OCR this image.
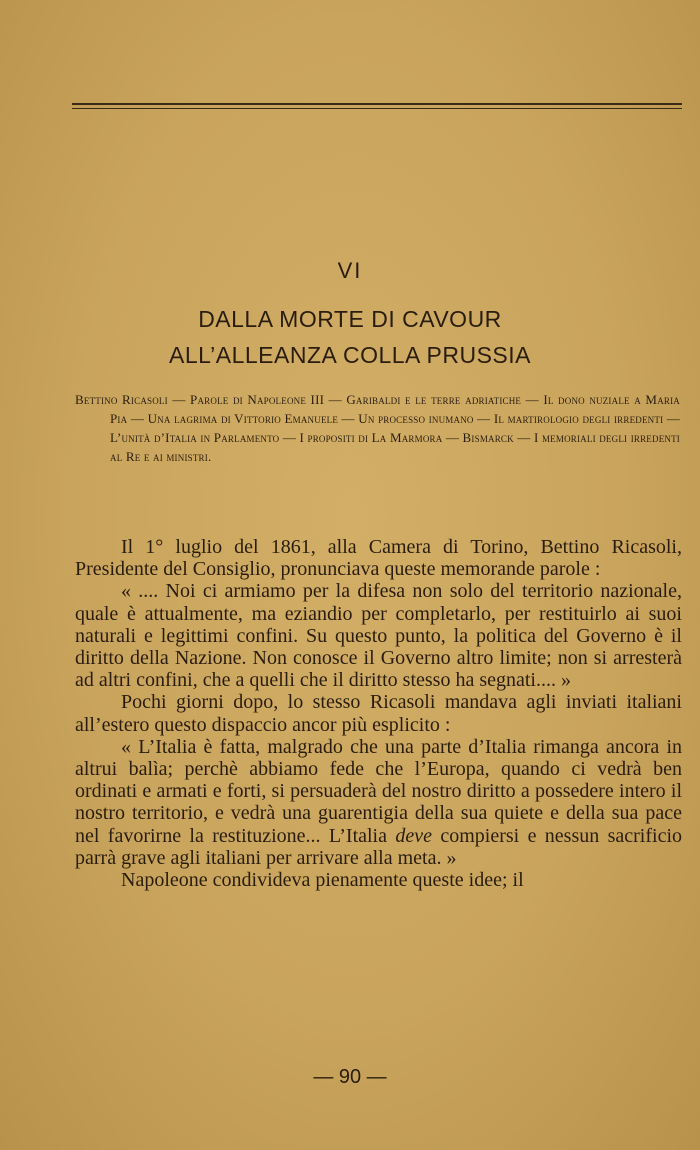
VI
DALLA MORTE DI CAVOUR
ALL’ALLEANZA COLLA PRUSSIA
Bettino Ricasoli — Parole di Napoleone III — Garibaldi e le terre adriatiche — Il dono nuziale a Maria Pia — Una lagrima di Vittorio Emanuele — Un processo inumano — Il martirologio degli irredenti — L’unità d’Italia in Parlamento — I propositi di La Marmora — Bismarck — I memoriali degli irredenti al Re e ai ministri.

Il 1° luglio del 1861, alla Camera di Torino, Bettino Ricasoli, Presidente del Consiglio, pronunciava queste memorande parole :

« .... Noi ci armiamo per la difesa non solo del territorio nazionale, quale è attualmente, ma eziandio per completarlo, per restituirlo ai suoi naturali e legittimi confini. Su questo punto, la politica del Governo è il diritto della Nazione. Non conosce il Governo altro limite; non si arresterà ad altri confini, che a quelli che il diritto stesso ha segnati.... »

Pochi giorni dopo, lo stesso Ricasoli mandava agli inviati italiani all’estero questo dispaccio ancor più esplicito :

« L’Italia è fatta, malgrado che una parte d’Italia rimanga ancora in altrui balìa; perchè abbiamo fede che l’Europa, quando ci vedrà ben ordinati e armati e forti, si persuaderà del nostro diritto a possedere intero il nostro territorio, e vedrà una guarentigia della sua quiete e della sua pace nel favorirne la restituzione... L’Italia deve compiersi e nessun sacrificio parrà grave agli italiani per arrivare alla meta. »

Napoleone condivideva pienamente queste idee; il

— 90 —
